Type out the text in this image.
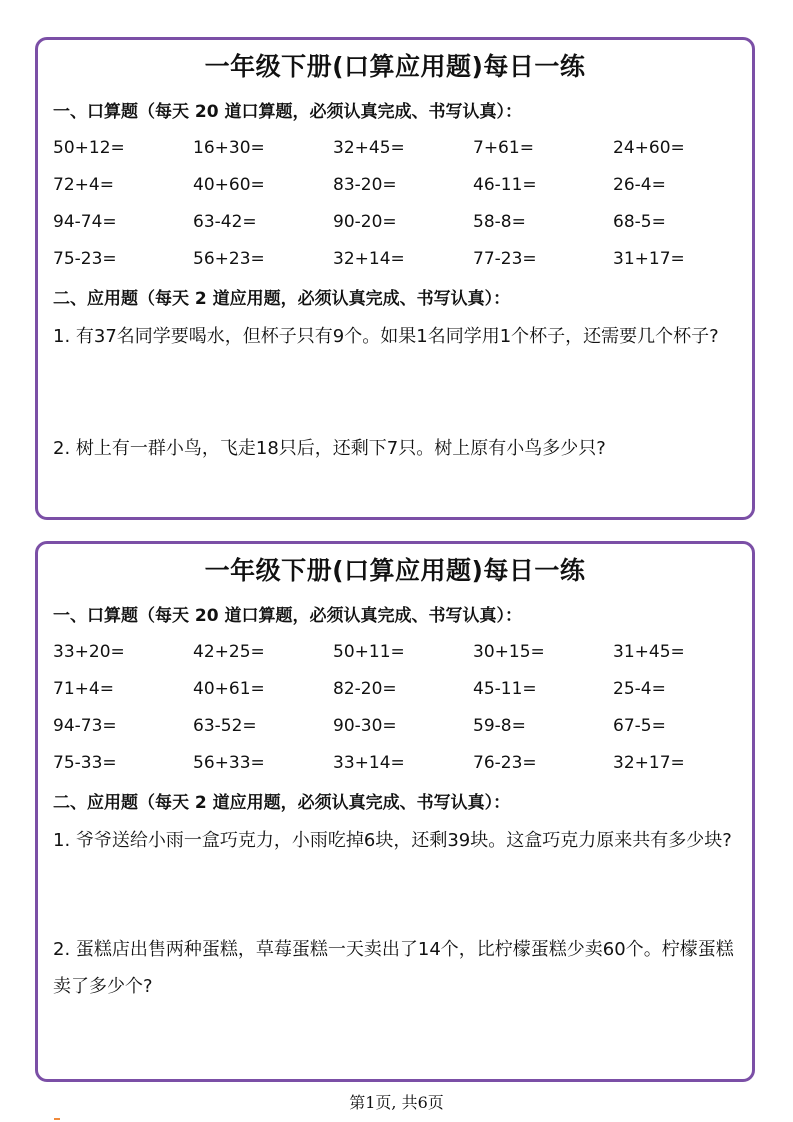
一年级下册(口算应用题)每日一练
一、口算题（每天 20 道口算题，必须认真完成、书写认真）：
50+12=	16+30=	32+45=	7+61=	24+60=
72+4=	40+60=	83-20=	46-11=	26-4=
94-74=	63-42=	90-20=	58-8=	68-5=
75-23=	56+23=	32+14=	77-23=	31+17=
二、应用题（每天 2 道应用题，必须认真完成、书写认真）：
1. 有37名同学要喝水，但杯子只有9个。如果1名同学用1个杯子，还需要几个杯子?
2. 树上有一群小鸟，飞走18只后，还剩下7只。树上原有小鸟多少只?
一年级下册(口算应用题)每日一练
一、口算题（每天 20 道口算题，必须认真完成、书写认真）：
33+20=	42+25=	50+11=	30+15=	31+45=
71+4=	40+61=	82-20=	45-11=	25-4=
94-73=	63-52=	90-30=	59-8=	67-5=
75-33=	56+33=	33+14=	76-23=	32+17=
二、应用题（每天 2 道应用题，必须认真完成、书写认真）：
1. 爷爷送给小雨一盒巧克力，小雨吃掉6块，还剩39块。这盒巧克力原来共有多少块?
2. 蛋糕店出售两种蛋糕，草莓蛋糕一天卖出了14个，比柠檬蛋糕少卖60个。柠檬蛋糕卖了多少个?
第1页, 共6页
